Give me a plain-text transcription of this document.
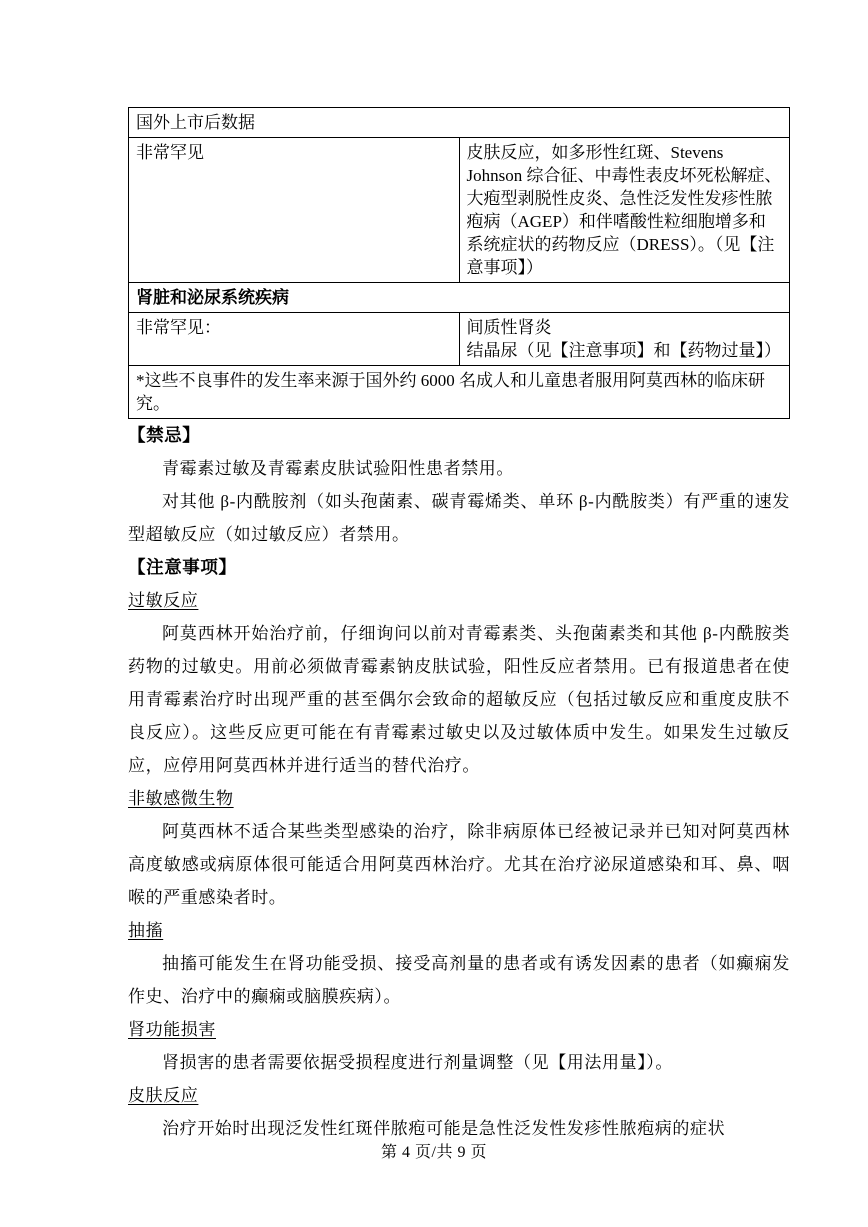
国外上市后数据	
非常罕见	皮肤反应，如多形性红斑、Stevens Johnson 综合征、中毒性表皮坏死松解症、大疱型剥脱性皮炎、急性泛发性发疹性脓疱病（AGEP）和伴嗜酸性粒细胞增多和系统症状的药物反应（DRESS）。（见【注意事项】）
肾脏和泌尿系统疾病	
非常罕见：	间质性肾炎
结晶尿（见【注意事项】和【药物过量】）

*这些不良事件的发生率来源于国外约 6000 名成人和儿童患者服用阿莫西林的临床研究。	
【禁忌】

青霉素过敏及青霉素皮肤试验阳性患者禁用。

对其他 β-内酰胺剂（如头孢菌素、碳青霉烯类、单环 β-内酰胺类）有严重的速发型超敏反应（如过敏反应）者禁用。

【注意事项】
过敏反应

阿莫西林开始治疗前，仔细询问以前对青霉素类、头孢菌素类和其他 β-内酰胺类药物的过敏史。用前必须做青霉素钠皮肤试验，阳性反应者禁用。已有报道患者在使用青霉素治疗时出现严重的甚至偶尔会致命的超敏反应（包括过敏反应和重度皮肤不良反应）。这些反应更可能在有青霉素过敏史以及过敏体质中发生。如果发生过敏反应，应停用阿莫西林并进行适当的替代治疗。

非敏感微生物

阿莫西林不适合某些类型感染的治疗，除非病原体已经被记录并已知对阿莫西林高度敏感或病原体很可能适合用阿莫西林治疗。尤其在治疗泌尿道感染和耳、鼻、咽喉的严重感染者时。

抽搐

抽搐可能发生在肾功能受损、接受高剂量的患者或有诱发因素的患者（如癫痫发作史、治疗中的癫痫或脑膜疾病）。

肾功能损害

肾损害的患者需要依据受损程度进行剂量调整（见【用法用量】）。

皮肤反应

治疗开始时出现泛发性红斑伴脓疱可能是急性泛发性发疹性脓疱病的症状

第 4 页/共 9 页
